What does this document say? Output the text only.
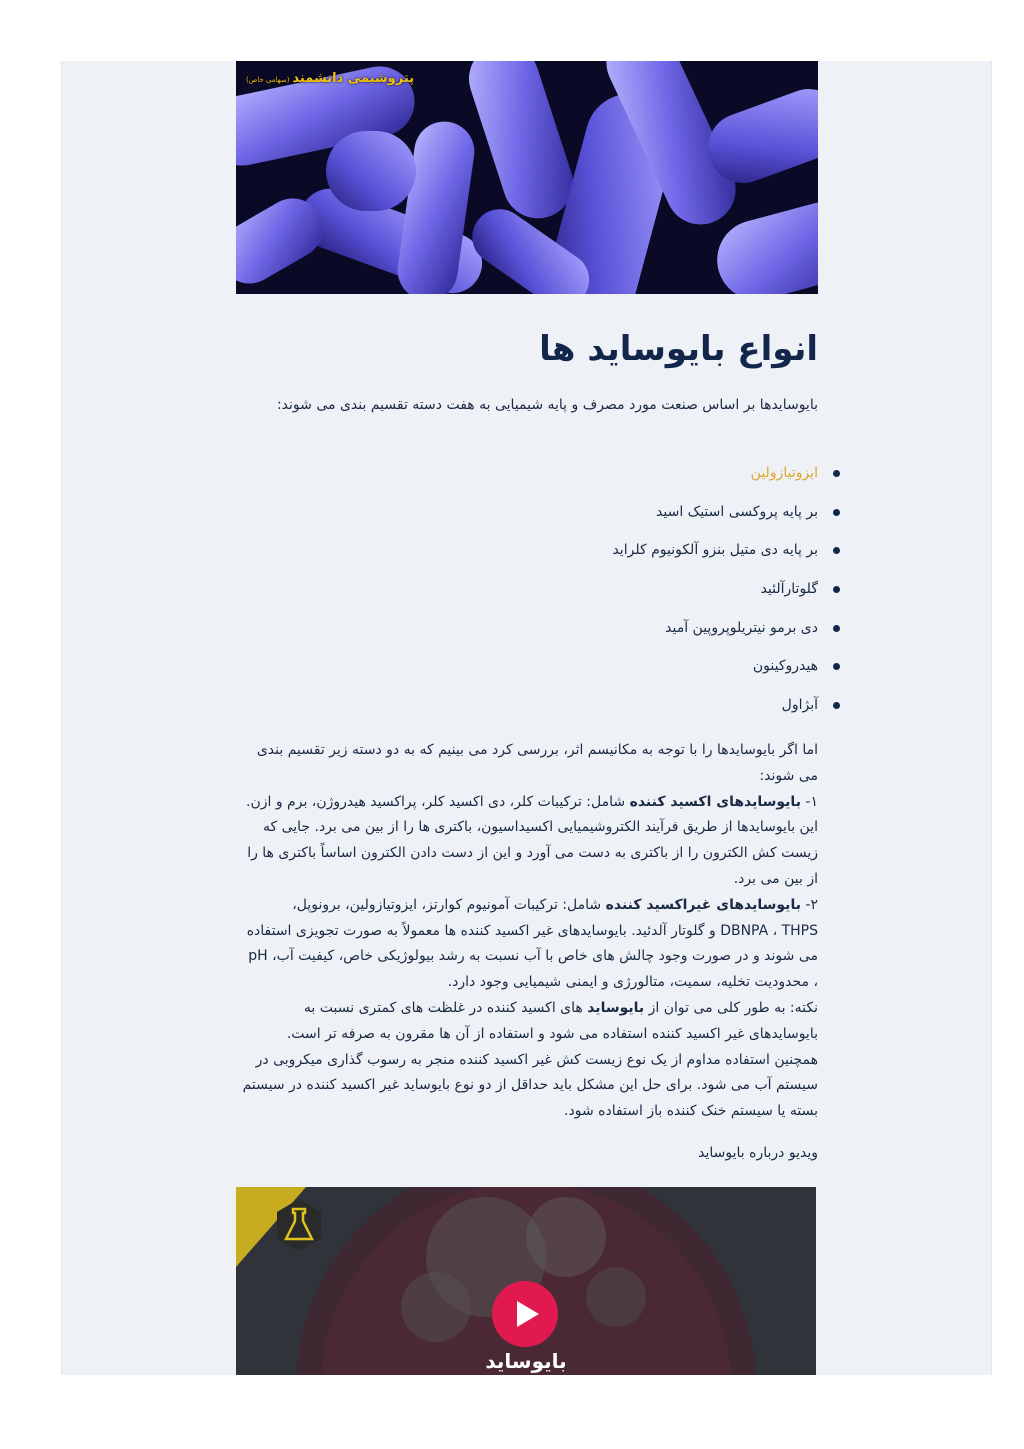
پتروشیمی دانشمند(سهامی خاص)
انواع بایوساید ها

بایوسایدها بر اساس صنعت مورد مصرف و پایه شیمیایی به هفت دسته تقسیم بندی می شوند:

ایزوتیازولین
بر پایه پروکسی استیک اسید
بر پایه دی متیل بنزو آلکونیوم کلراید
گلوتارآلئید
دی برمو نیتریلوپروپین آمید
هیدروکینون
آبژاول

اما اگر بایوسایدها را با توجه به مکانیسم اثر، بررسی کرد می بینیم که به دو دسته زیر تقسیم بندی می شوند:
۱- بایوسایدهای اکسید کننده شامل: ترکیبات کلر، دی اکسید کلر، پراکسید هیدروژن، برم و ازن. این بایوسایدها از طریق فرآیند الکتروشیمیایی اکسیداسیون، باکتری ها را از بین می برد. جایی که زیست کش الکترون را از باکتری به دست می آورد و این از دست دادن الکترون اساساً باکتری ها را از بین می برد.
۲- بایوسایدهای غیراکسید کننده شامل: ترکیبات آمونیوم کوارتز، ایزوتیازولین، برونوپل، DBNPA ، THPS و گلوتار آلدئید. بایوسایدهای غیر اکسید کننده ها معمولاً به صورت تجویزی استفاده می شوند و در صورت وجود چالش های خاص با آب نسبت به رشد بیولوژیکی خاص، کیفیت آب، pH ، محدودیت تخلیه، سمیت، متالورژی و ایمنی شیمیایی وجود دارد.
نکته: به طور کلی می توان از بایوساید های اکسید کننده در غلظت های کمتری نسبت به بایوسایدهای غیر اکسید کننده استفاده می شود و استفاده از آن ها مقرون به صرفه تر است. همچنین استفاده مداوم از یک نوع زیست کش غیر اکسید کننده منجر به رسوب گذاری میکروبی در سیستم آب می شود. برای حل این مشکل باید حداقل از دو نوع بایوساید غیر اکسید کننده در سیستم بسته یا سیستم خنک کننده باز استفاده شود.

ویدیو درباره بایوساید

بایوساید
